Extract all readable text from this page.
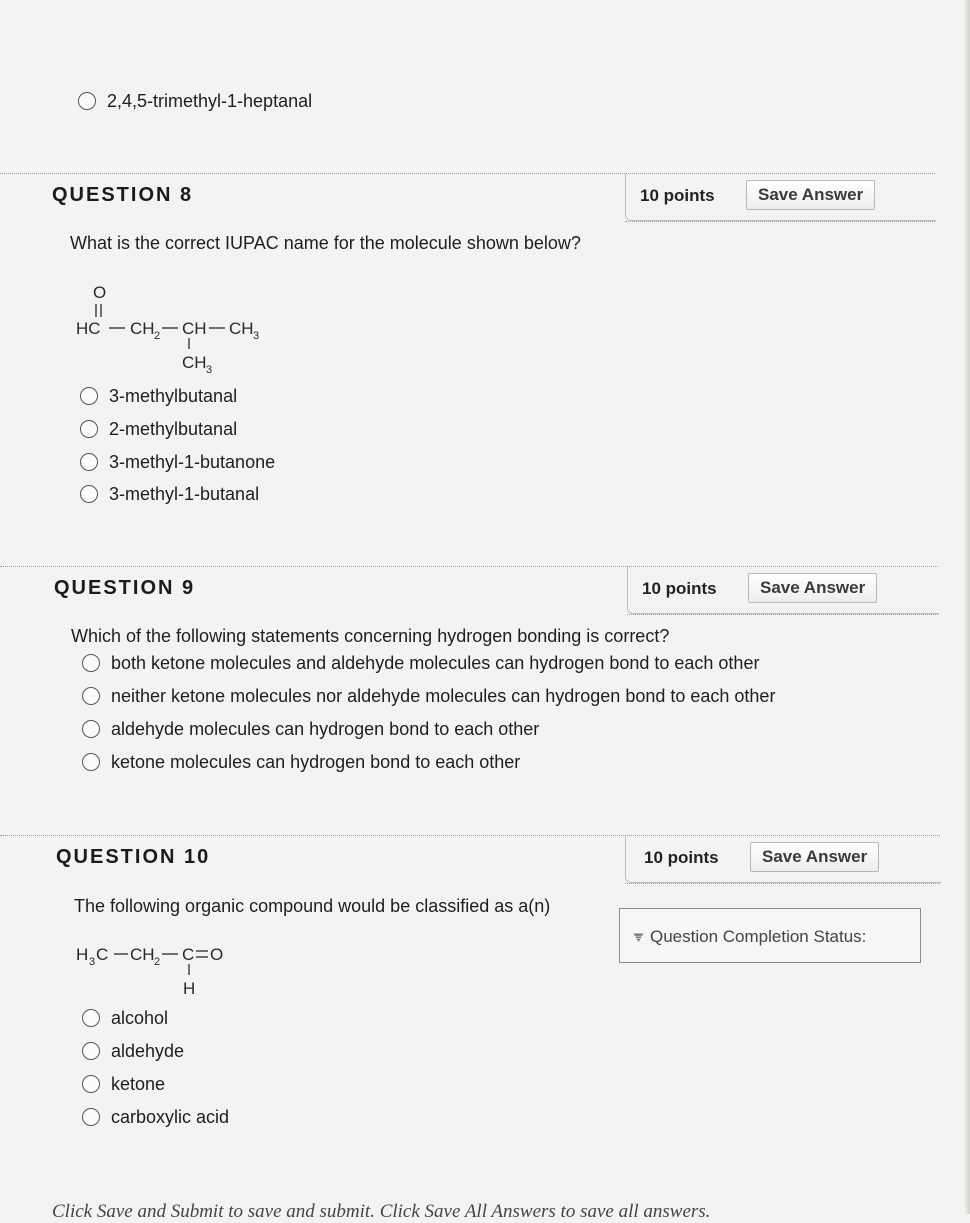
2,4,5-trimethyl-1-heptanal
QUESTION 8	10 points	Save Answer
What is the correct IUPAC name for the molecule shown below?
O
HC CH 2 CH CH 3
CH 3
3-methylbutanal
2-methylbutanal
3-methyl-1-butanone
3-methyl-1-butanal
QUESTION 9	10 points	Save Answer
Which of the following statements concerning hydrogen bonding is correct?
both ketone molecules and aldehyde molecules can hydrogen bond to each other
neither ketone molecules nor aldehyde molecules can hydrogen bond to each other
aldehyde molecules can hydrogen bond to each other
ketone molecules can hydrogen bond to each other
QUESTION 10	10 points	Save Answer
The following organic compound would be classified as a(n)
H 3 C CH 2 C O
H
Question Completion Status:
alcohol
aldehyde
ketone
carboxylic acid
Click Save and Submit to save and submit. Click Save All Answers to save all answers.
